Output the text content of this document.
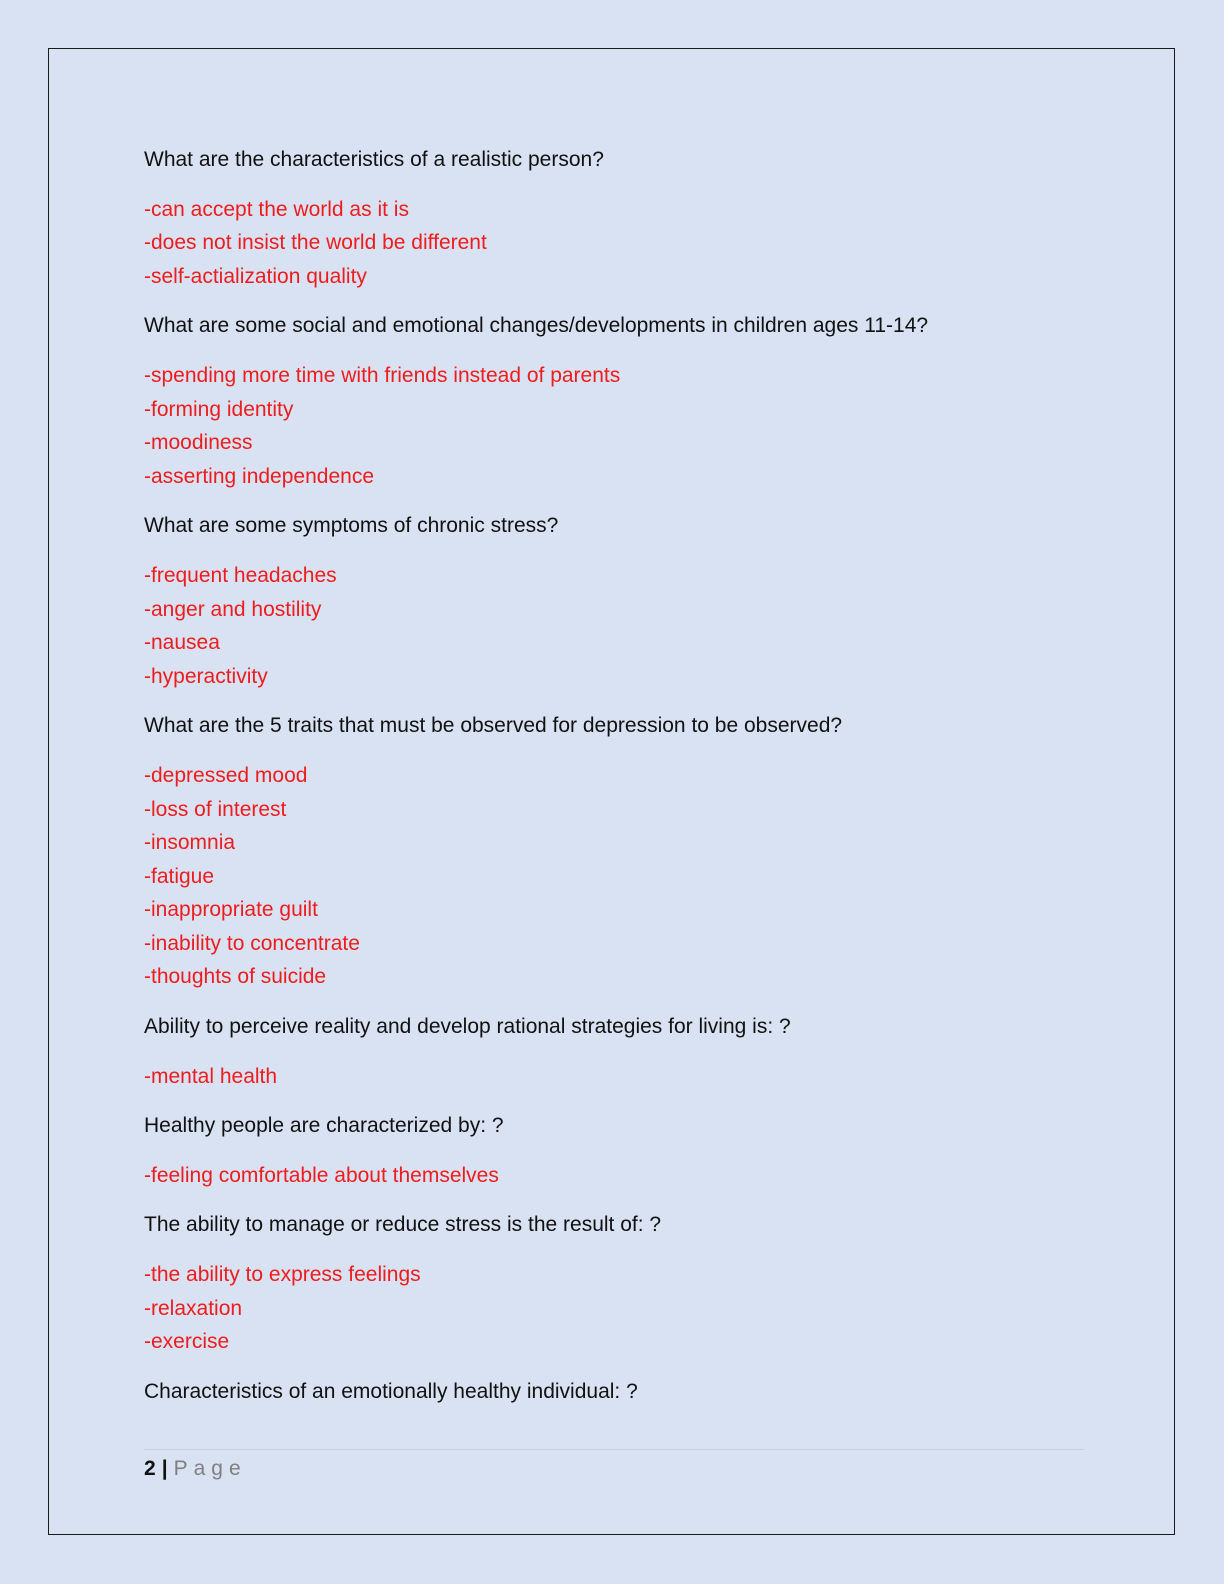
What are the characteristics of a realistic person?

-can accept the world as it is

-does not insist the world be different

-self-actialization quality

What are some social and emotional changes/developments in children ages 11-14?

-spending more time with friends instead of parents

-forming identity

-moodiness

-asserting independence

What are some symptoms of chronic stress?

-frequent headaches

-anger and hostility

-nausea

-hyperactivity

What are the 5 traits that must be observed for depression to be observed?

-depressed mood

-loss of interest

-insomnia

-fatigue

-inappropriate guilt

-inability to concentrate

-thoughts of suicide

Ability to perceive reality and develop rational strategies for living is: ?

-mental health

Healthy people are characterized by: ?

-feeling comfortable about themselves

The ability to manage or reduce stress is the result of: ?

-the ability to express feelings

-relaxation

-exercise

Characteristics of an emotionally healthy individual: ?

2 | Page
